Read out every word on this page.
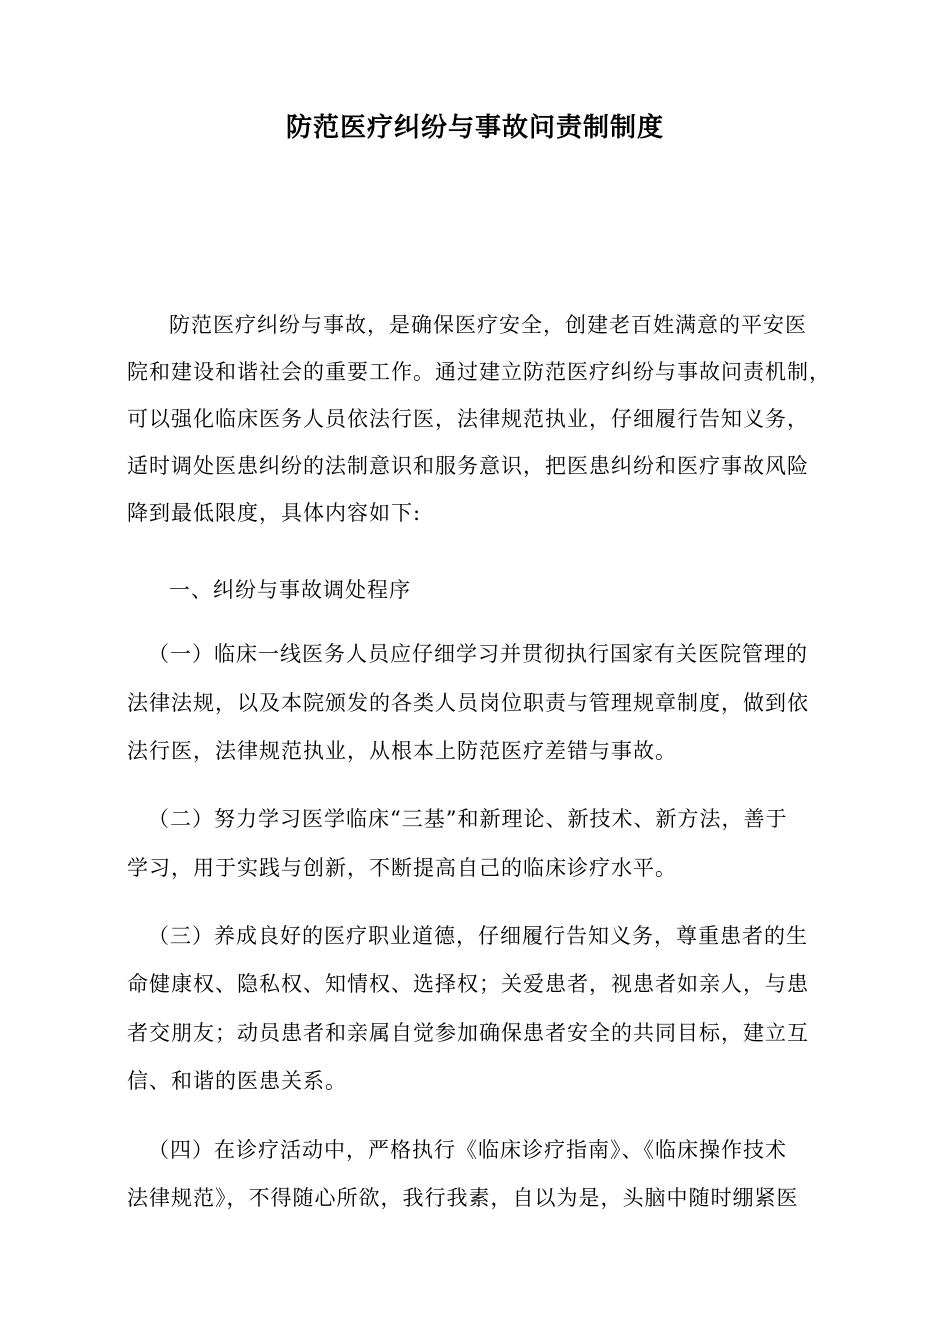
防范医疗纠纷与事故问责制制度
防范医疗纠纷与事故，是确保医疗安全，创建老百姓满意的平安医
院和建设和谐社会的重要工作。通过建立防范医疗纠纷与事故问责机制，
可以强化临床医务人员依法行医，法律规范执业，仔细履行告知义务，
适时调处医患纠纷的法制意识和服务意识，把医患纠纷和医疗事故风险
降到最低限度，具体内容如下:
一、纠纷与事故调处程序
（一）临床一线医务人员应仔细学习并贯彻执行国家有关医院管理的
法律法规，以及本院颁发的各类人员岗位职责与管理规章制度，做到依
法行医，法律规范执业，从根本上防范医疗差错与事故。
（二）努力学习医学临床“三基”和新理论、新技术、新方法，善于
学习，用于实践与创新，不断提高自己的临床诊疗水平。
（三）养成良好的医疗职业道德，仔细履行告知义务，尊重患者的生
命健康权、隐私权、知情权、选择权；关爱患者，视患者如亲人，与患
者交朋友；动员患者和亲属自觉参加确保患者安全的共同目标，建立互
信、和谐的医患关系。
（四）在诊疗活动中，严格执行《临床诊疗指南》、《临床操作技术
法律规范》，不得随心所欲，我行我素，自以为是，头脑中随时绷紧医
